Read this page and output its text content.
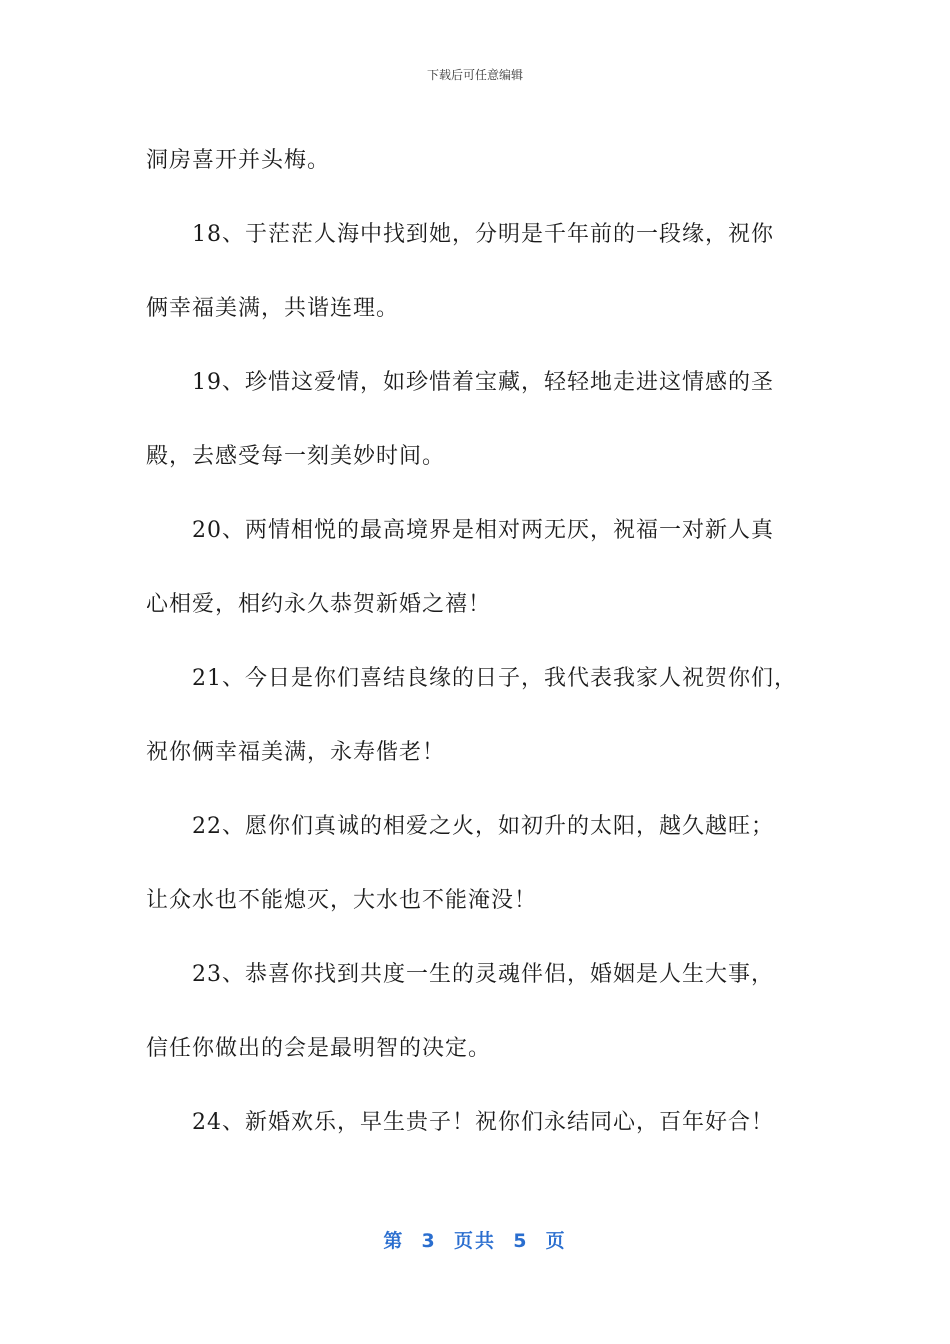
下载后可任意编辑
洞房喜开并头梅。
18、于茫茫人海中找到她，分明是千年前的一段缘，祝你
俩幸福美满，共谐连理。
19、珍惜这爱情，如珍惜着宝藏，轻轻地走进这情感的圣
殿，去感受每一刻美妙时间。
20、两情相悦的最高境界是相对两无厌，祝福一对新人真
心相爱，相约永久恭贺新婚之禧！
21、今日是你们喜结良缘的日子，我代表我家人祝贺你们，
祝你俩幸福美满，永寿偕老！
22、愿你们真诚的相爱之火，如初升的太阳，越久越旺；
让众水也不能熄灭，大水也不能淹没！
23、恭喜你找到共度一生的灵魂伴侣，婚姻是人生大事，
信任你做出的会是最明智的决定。
24、新婚欢乐，早生贵子！祝你们永结同心，百年好合！
第  3  页共  5  页
